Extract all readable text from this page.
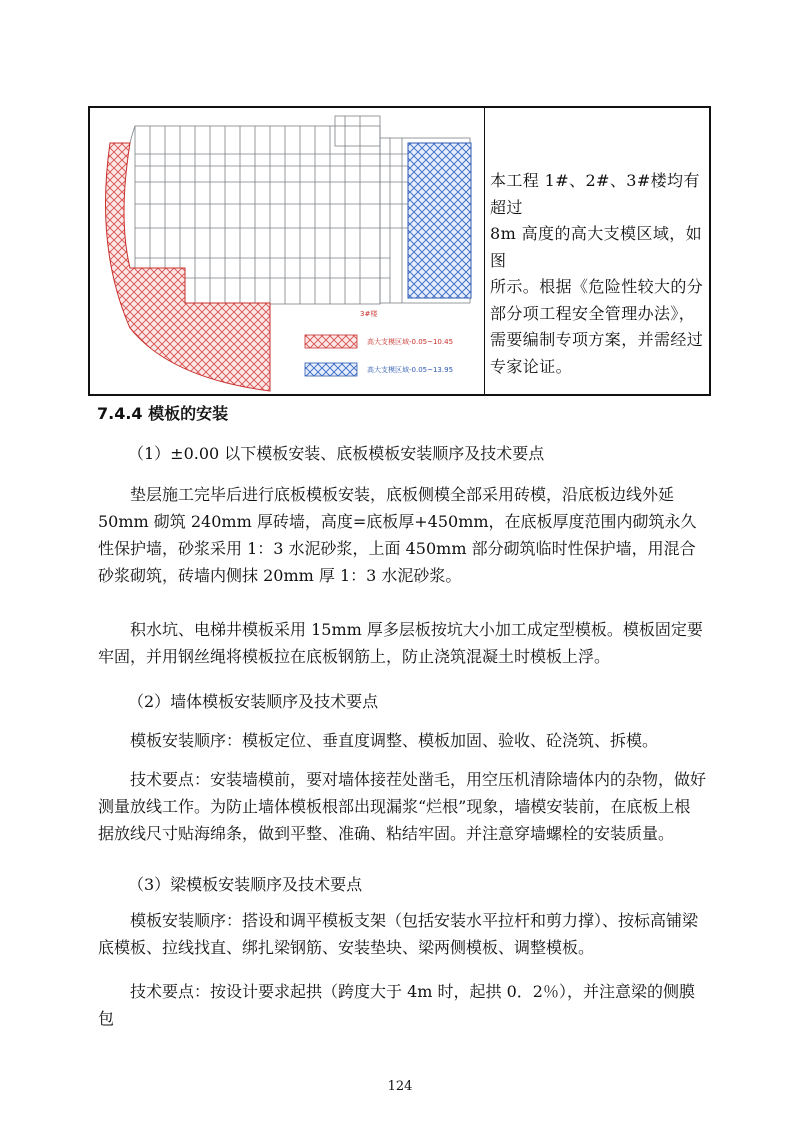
3#楼
高大支模区域-0.05~10.45
高大支模区域-0.05~13.95
本工程 1#、2#、3#楼均有超过
8m 高度的高大支模区域，如图
所示。根据《危险性较大的分
部分项工程安全管理办法》，
需要编制专项方案，并需经过
专家论证。
7.4.4 模板的安装
（1）±0.00 以下模板安装、底板模板安装顺序及技术要点
垫层施工完毕后进行底板模板安装，底板侧模全部采用砖模，沿底板边线外延 50mm 砌筑 240mm 厚砖墙，高度=底板厚+450mm，在底板厚度范围内砌筑永久性保护墙，砂浆采用 1：3 水泥砂浆，上面 450mm 部分砌筑临时性保护墙，用混合砂浆砌筑，砖墙内侧抹 20mm 厚 1：3 水泥砂浆。
积水坑、电梯井模板采用 15mm 厚多层板按坑大小加工成定型模板。模板固定要牢固，并用钢丝绳将模板拉在底板钢筋上，防止浇筑混凝土时模板上浮。
（2）墙体模板安装顺序及技术要点
模板安装顺序：模板定位、垂直度调整、模板加固、验收、砼浇筑、拆模。
技术要点：安装墙模前，要对墙体接茬处凿毛，用空压机清除墙体内的杂物，做好测量放线工作。为防止墙体模板根部出现漏浆“烂根”现象，墙模安装前，在底板上根据放线尺寸贴海绵条，做到平整、准确、粘结牢固。并注意穿墙螺栓的安装质量。
（3）梁模板安装顺序及技术要点
模板安装顺序：搭设和调平模板支架（包括安装水平拉杆和剪力撑）、按标高铺梁底模板、拉线找直、绑扎梁钢筋、安装垫块、梁两侧模板、调整模板。
技术要点：按设计要求起拱（跨度大于 4m 时，起拱 0．2％），并注意梁的侧膜包
124
